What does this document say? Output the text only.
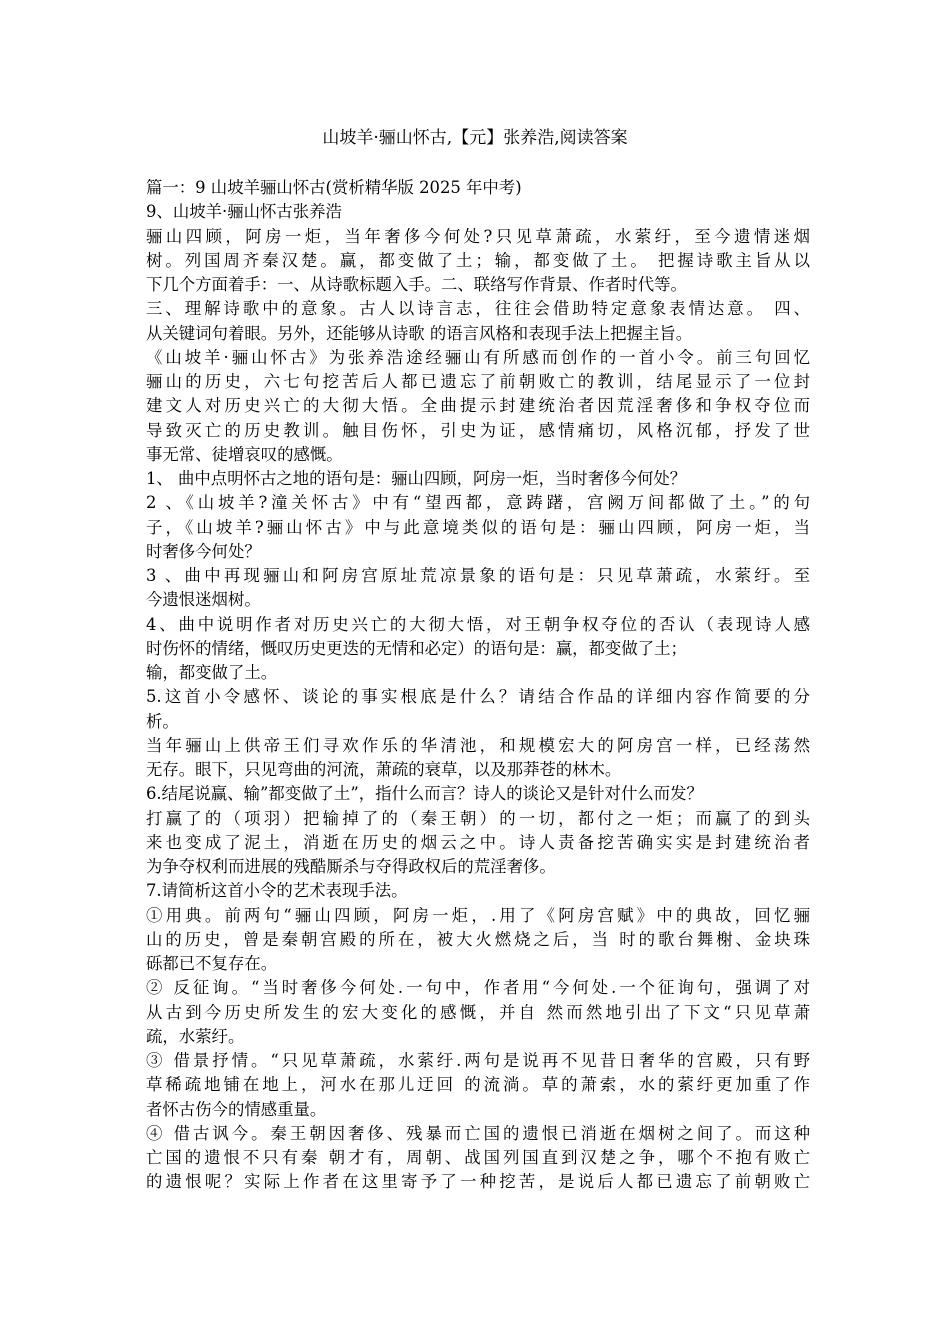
山坡羊·骊山怀古,【元】张养浩,阅读答案
篇一：9 山坡羊骊山怀古(赏析精华版 2025 年中考)
9、山坡羊·骊山怀古张养浩
骊山四顾，阿房一炬，当年奢侈今何处?只见草萧疏，水萦纡，至今遗情迷烟
树。列国周齐秦汉楚。赢，都变做了土；输，都变做了土。 把握诗歌主旨从以
下几个方面着手：一、从诗歌标题入手。二、联络写作背景、作者时代等。
三、理解诗歌中的意象。古人以诗言志，往往会借助特定意象表情达意。 四、
从关键词句着眼。另外，还能够从诗歌 的语言风格和表现手法上把握主旨。
《山坡羊·骊山怀古》为张养浩途经骊山有所感而创作的一首小令。前三句回忆
骊山的历史，六七句挖苦后人都已遗忘了前朝败亡的教训，结尾显示了一位封
建文人对历史兴亡的大彻大悟。全曲提示封建统治者因荒淫奢侈和争权夺位而
导致灭亡的历史教训。触目伤怀，引史为证，感情痛切，风格沉郁，抒发了世
事无常、徒增哀叹的感慨。
1、 曲中点明怀古之地的语句是：骊山四顾，阿房一炬，当时奢侈今何处？
2 、《山坡羊?潼关怀古》中有“望西都，意踌躇，宫阙万间都做了土。”的句
子，《山坡羊?骊山怀古》中与此意境类似的语句是：骊山四顾，阿房一炬，当
时奢侈今何处？
3 、曲中再现骊山和阿房宫原址荒凉景象的语句是：只见草萧疏，水萦纡。至
今遗恨迷烟树。
4、曲中说明作者对历史兴亡的大彻大悟，对王朝争权夺位的否认（表现诗人感
时伤怀的情绪，慨叹历史更迭的无情和必定）的语句是：赢，都变做了土；
输，都变做了土。
5.这首小令感怀、谈论的事实根底是什么？请结合作品的详细内容作简要的分
析。
当年骊山上供帝王们寻欢作乐的华清池，和规模宏大的阿房宫一样，已经荡然
无存。眼下，只见弯曲的河流，萧疏的衰草，以及那莽苍的林木。
6.结尾说赢、输”都变做了土”，指什么而言？诗人的谈论又是针对什么而发？
打赢了的（项羽）把输掉了的（秦王朝）的一切，都付之一炬；而赢了的到头
来也变成了泥土，消逝在历史的烟云之中。诗人责备挖苦确实实是封建统治者
为争夺权利而进展的残酷厮杀与夺得政权后的荒淫奢侈。
7.请简析这首小令的艺术表现手法。
①用典。前两句“骊山四顾，阿房一炬，.用了《阿房宫赋》中的典故，回忆骊
山的历史，曾是秦朝宫殿的所在，被大火燃烧之后，当 时的歌台舞榭、金块珠
砾都已不复存在。
② 反征询。“当时奢侈今何处.一句中，作者用“今何处.一个征询句，强调了对
从古到今历史所发生的宏大变化的感慨，并自 然而然地引出了下文“只见草萧
疏，水萦纡。
③ 借景抒情。“只见草萧疏，水萦纡.两句是说再不见昔日奢华的宫殿，只有野
草稀疏地铺在地上，河水在那儿迂回 的流淌。草的萧索，水的萦纡更加重了作
者怀古伤今的情感重量。
④ 借古讽今。秦王朝因奢侈、残暴而亡国的遗恨已消逝在烟树之间了。而这种
亡国的遗恨不只有秦 朝才有，周朝、战国列国直到汉楚之争，哪个不抱有败亡
的遗恨呢？实际上作者在这里寄予了一种挖苦，是说后人都已遗忘了前朝败亡
